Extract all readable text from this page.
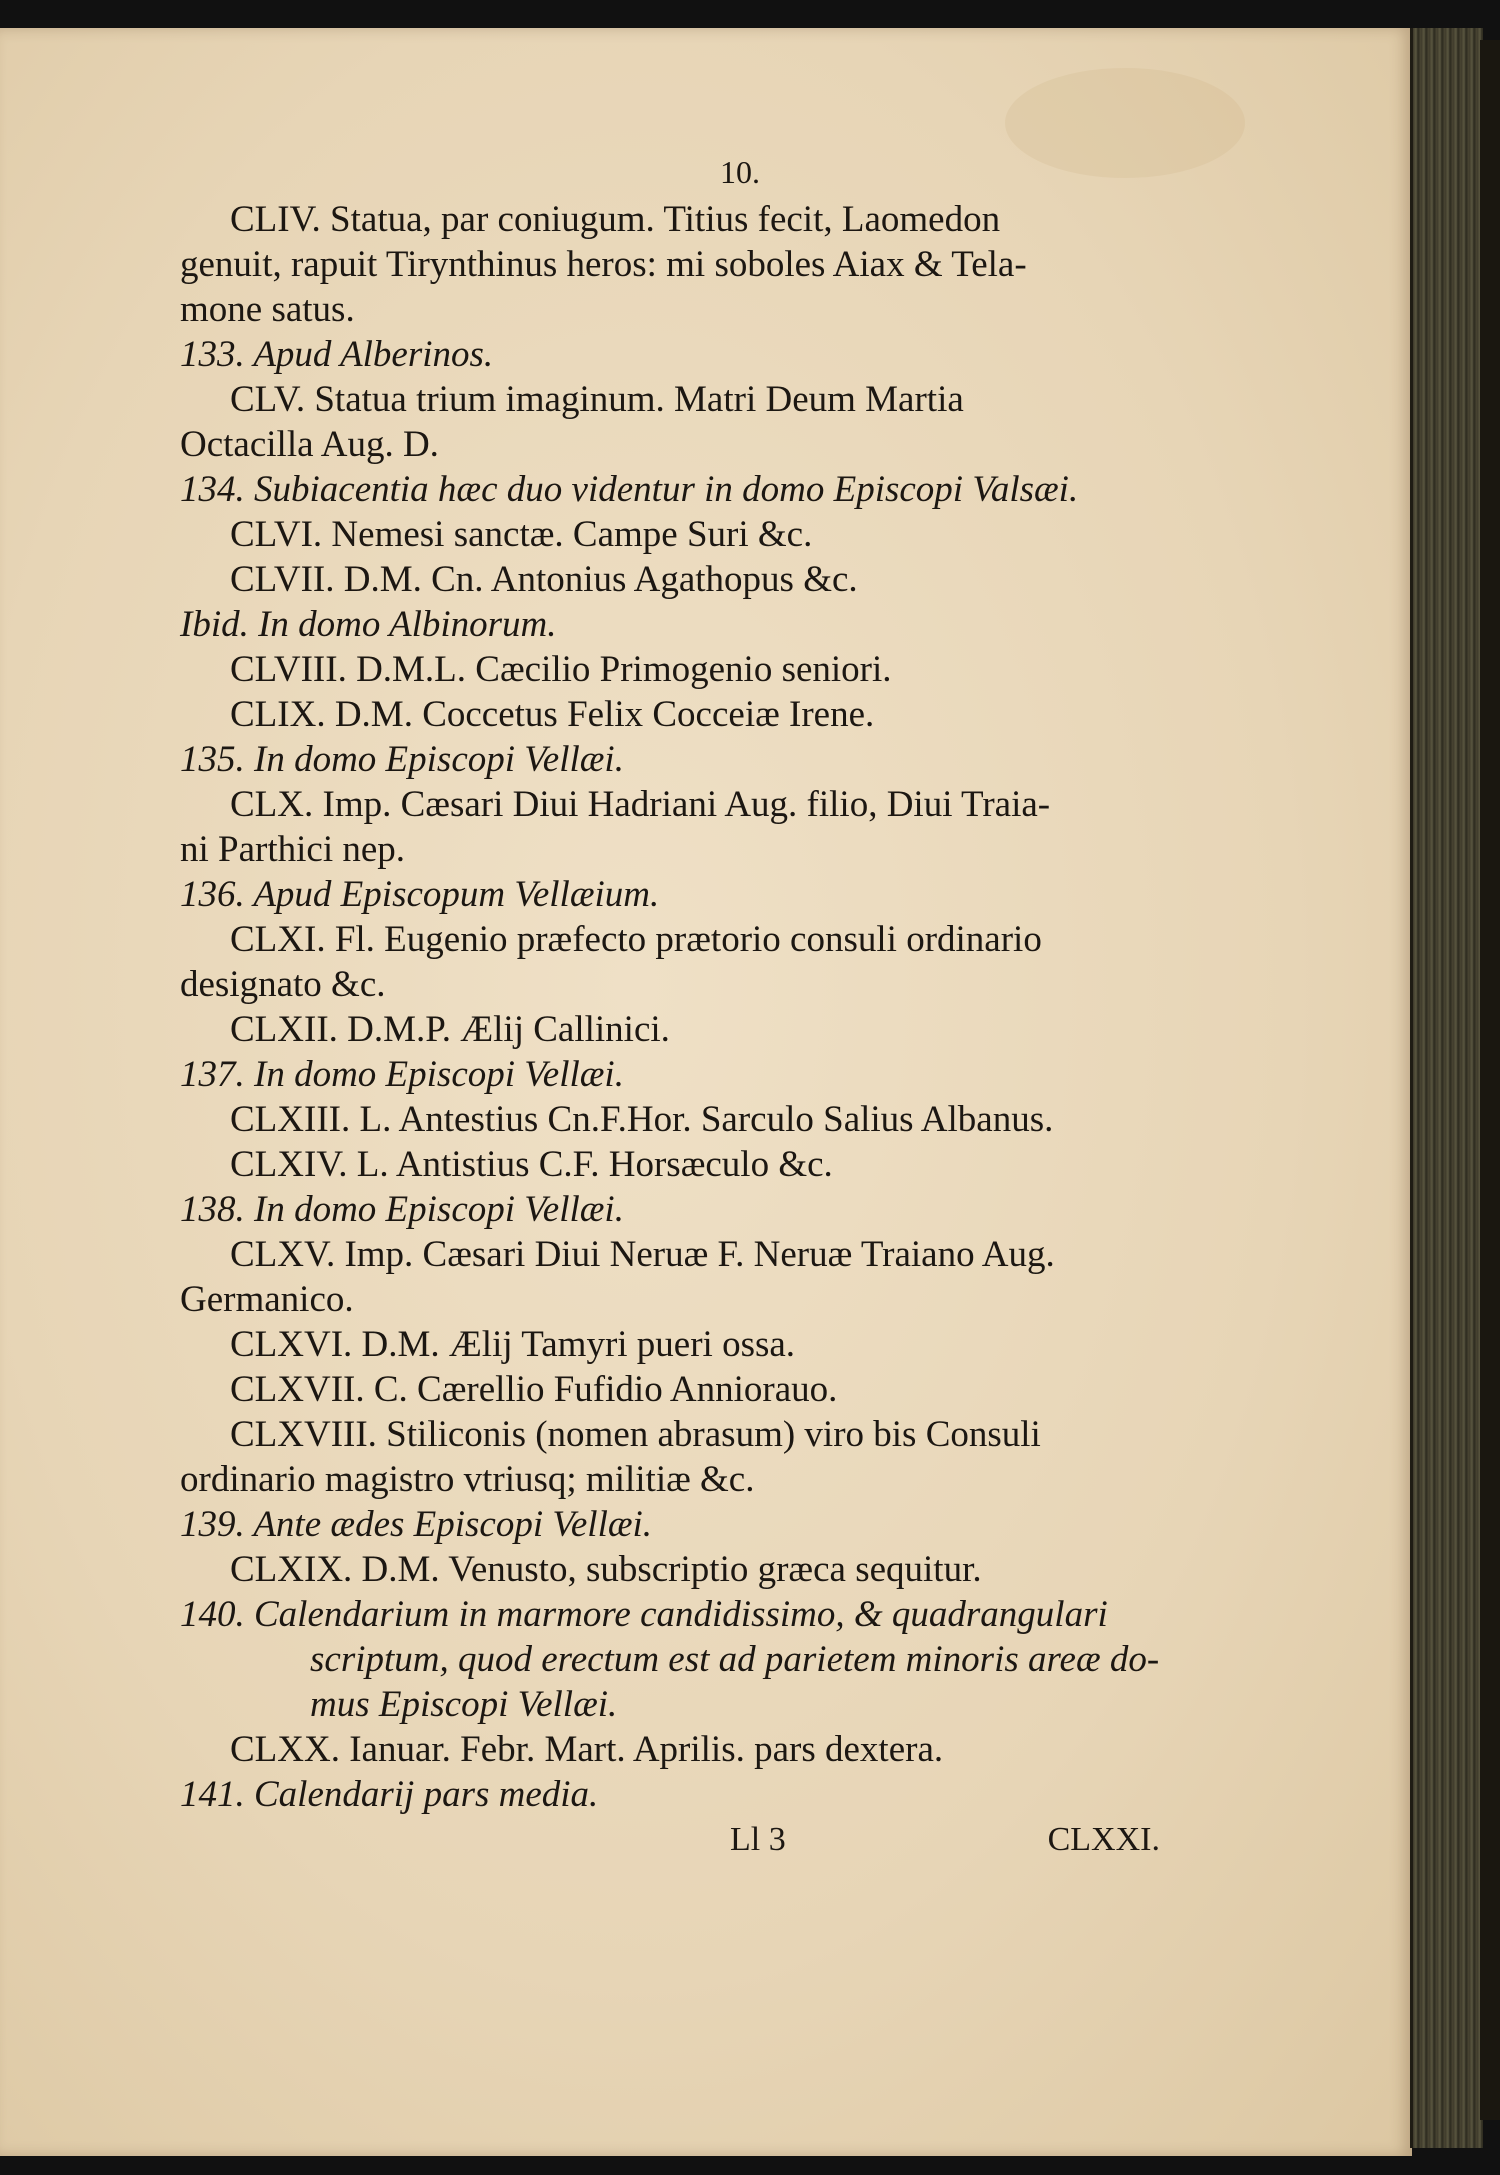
10.
CLIV. Statua, par coniugum. Titius fecit, Laomedon
genuit, rapuit Tirynthinus heros: mi soboles Aiax & Tela-
mone satus.
133. Apud Alberinos.
CLV. Statua trium imaginum. Matri Deum Martia
Octacilla Aug. D.
134. Subiacentia hæc duo videntur in domo Episcopi Valsæi.
CLVI. Nemesi sanctæ. Campe Suri &c.
CLVII. D.M. Cn. Antonius Agathopus &c.
Ibid. In domo Albinorum.
CLVIII. D.M.L. Cæcilio Primogenio seniori.
CLIX. D.M. Coccetus Felix Cocceiæ Irene.
135. In domo Episcopi Vellæi.
CLX. Imp. Cæsari Diui Hadriani Aug. filio, Diui Traia-
ni Parthici nep.
136. Apud Episcopum Vellæium.
CLXI. Fl. Eugenio præfecto prætorio consuli ordinario
designato &c.
CLXII. D.M.P. Ælij Callinici.
137. In domo Episcopi Vellæi.
CLXIII. L. Antestius Cn.F.Hor. Sarculo Salius Albanus.
CLXIV. L. Antistius C.F. Horsæculo &c.
138. In domo Episcopi Vellæi.
CLXV. Imp. Cæsari Diui Neruæ F. Neruæ Traiano Aug.
Germanico.
CLXVI. D.M. Ælij Tamyri pueri ossa.
CLXVII. C. Cærellio Fufidio Anniorauo.
CLXVIII. Stiliconis (nomen abrasum) viro bis Consuli
ordinario magistro vtriusq; militiæ &c.
139. Ante ædes Episcopi Vellæi.
CLXIX. D.M. Venusto, subscriptio græca sequitur.
140. Calendarium in marmore candidissimo, & quadrangulari
scriptum, quod erectum est ad parietem minoris areæ do-
mus Episcopi Vellæi.
CLXX. Ianuar. Febr. Mart. Aprilis. pars dextera.
141. Calendarij pars media.
Ll 3	CLXXI.
